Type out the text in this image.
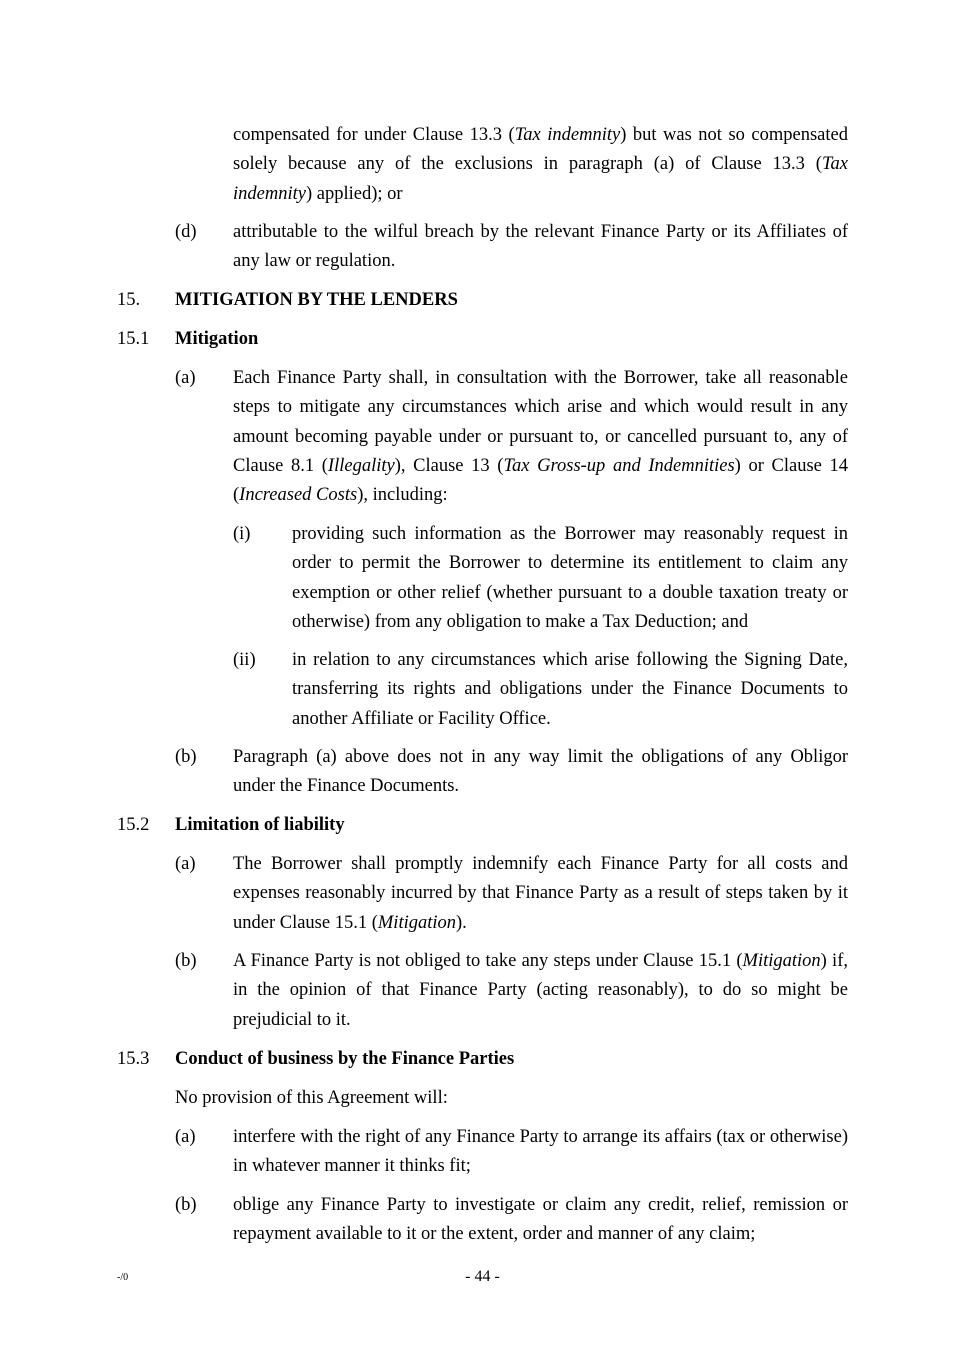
compensated for under Clause 13.3 (Tax indemnity) but was not so compensated solely because any of the exclusions in paragraph (a) of Clause 13.3 (Tax indemnity) applied); or

(d) attributable to the wilful breach by the relevant Finance Party or its Affiliates of any law or regulation.

15. MITIGATION BY THE LENDERS
15.1 Mitigation
(a) Each Finance Party shall, in consultation with the Borrower, take all reasonable steps to mitigate any circumstances which arise and which would result in any amount becoming payable under or pursuant to, or cancelled pursuant to, any of Clause 8.1 (Illegality), Clause 13 (Tax Gross-up and Indemnities) or Clause 14 (Increased Costs), including:

(i) providing such information as the Borrower may reasonably request in order to permit the Borrower to determine its entitlement to claim any exemption or other relief (whether pursuant to a double taxation treaty or otherwise) from any obligation to make a Tax Deduction; and

(ii) in relation to any circumstances which arise following the Signing Date, transferring its rights and obligations under the Finance Documents to another Affiliate or Facility Office.

(b) Paragraph (a) above does not in any way limit the obligations of any Obligor under the Finance Documents.

15.2 Limitation of liability
(a) The Borrower shall promptly indemnify each Finance Party for all costs and expenses reasonably incurred by that Finance Party as a result of steps taken by it under Clause 15.1 (Mitigation).

(b) A Finance Party is not obliged to take any steps under Clause 15.1 (Mitigation) if, in the opinion of that Finance Party (acting reasonably), to do so might be prejudicial to it.

15.3 Conduct of business by the Finance Parties

No provision of this Agreement will:

(a) interfere with the right of any Finance Party to arrange its affairs (tax or otherwise) in whatever manner it thinks fit;

(b) oblige any Finance Party to investigate or claim any credit, relief, remission or repayment available to it or the extent, order and manner of any claim;

-/0	- 44 -
